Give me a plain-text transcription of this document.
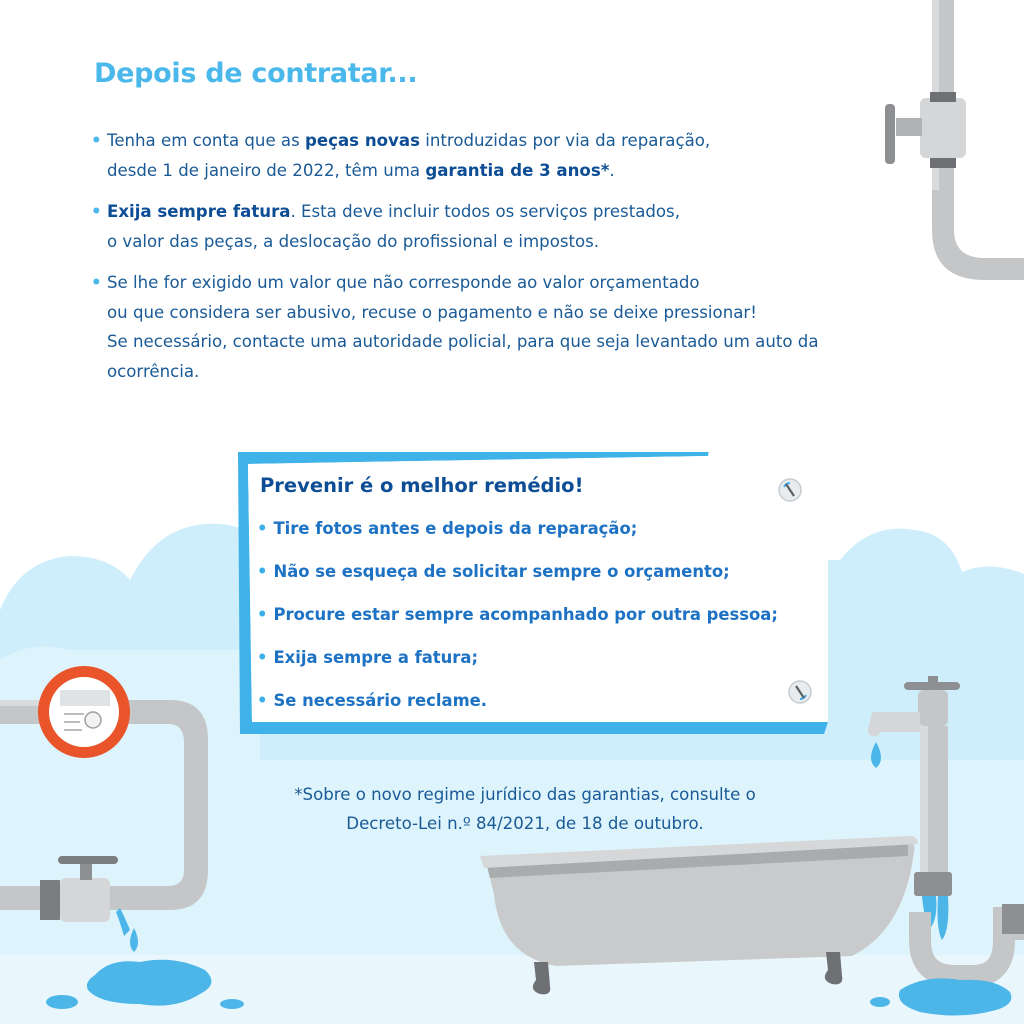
Depois de contratar...
• Tenha em conta que as peças novas introduzidas por via da reparação,
desde 1 de janeiro de 2022, têm uma garantia de 3 anos*.
• Exija sempre fatura. Esta deve incluir todos os serviços prestados,
o valor das peças, a deslocação do profissional e impostos.
• Se lhe for exigido um valor que não corresponde ao valor orçamentado
ou que considera ser abusivo, recuse o pagamento e não se deixe pressionar!
Se necessário, contacte uma autoridade policial, para que seja levantado um auto da
ocorrência.
Prevenir é o melhor remédio!
• Tire fotos antes e depois da reparação;
• Não se esqueça de solicitar sempre o orçamento;
• Procure estar sempre acompanhado por outra pessoa;
• Exija sempre a fatura;
• Se necessário reclame.

*Sobre o novo regime jurídico das garantias, consulte o
Decreto-Lei n.º 84/2021, de 18 de outubro.
